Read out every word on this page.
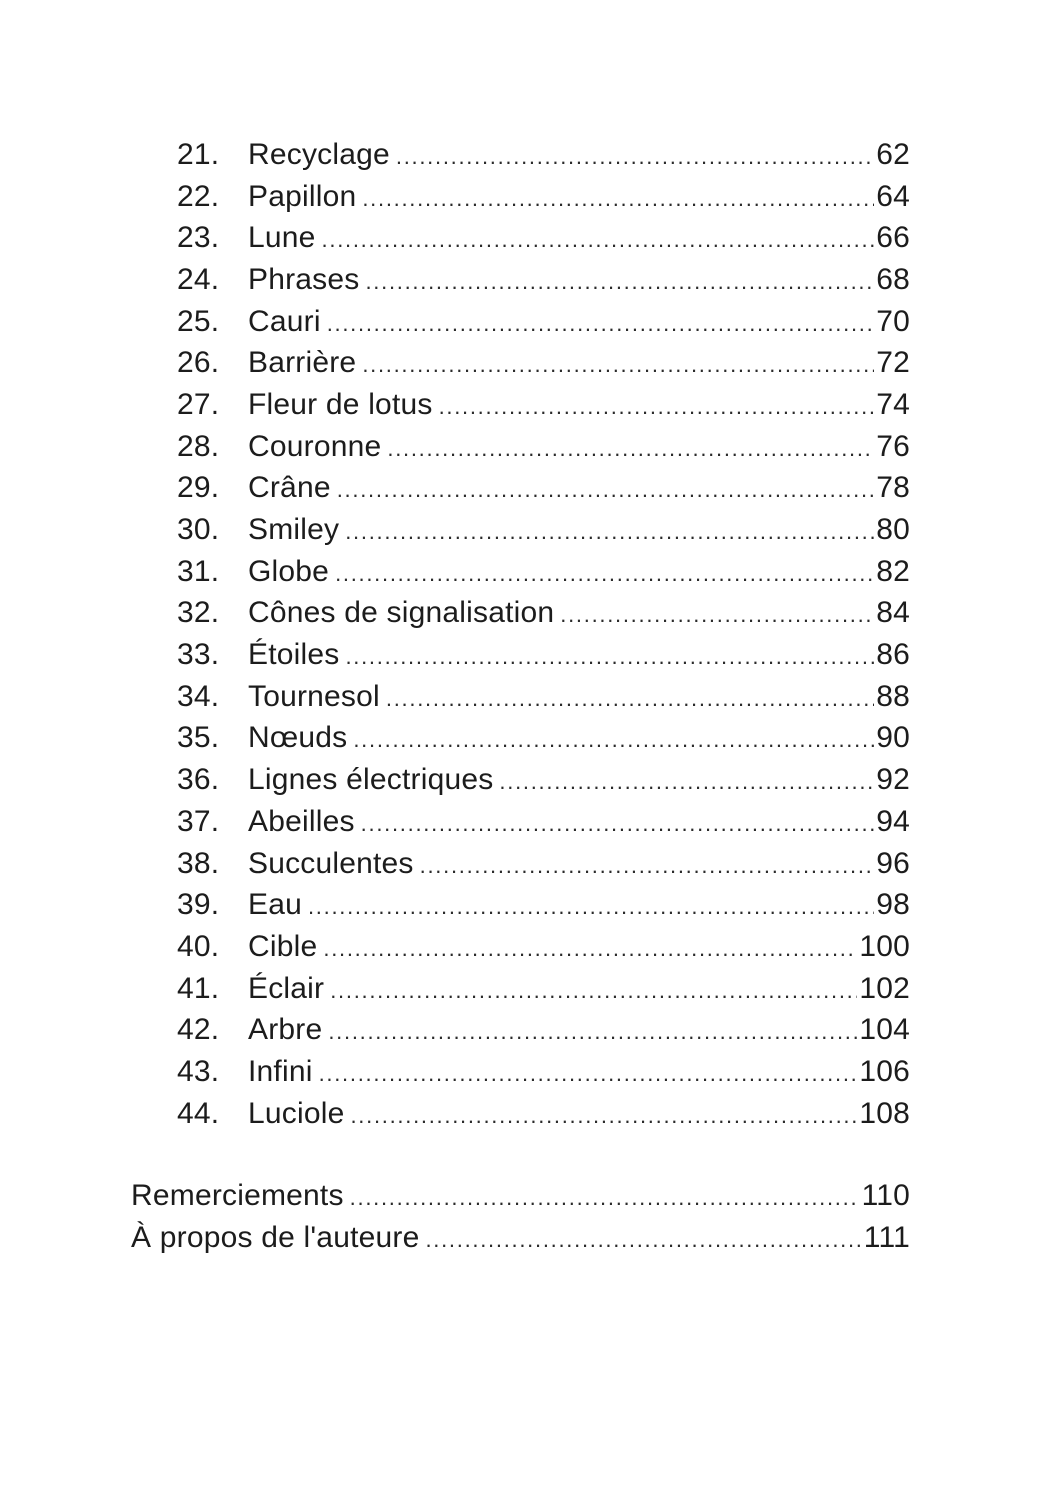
21. Recyclage . . .	62
22. Papillon . . .	64
23. Lune . . .	66
24. Phrases . . .	68
25. Cauri . . .	70
26. Barrière . . .	72
27. Fleur de lotus . . .	74
28. Couronne . . .	76
29. Crâne . . .	78
30. Smiley . . .	80
31. Globe . . .	82
32. Cônes de signalisation . . .	84
33. Étoiles . . .	86
34. Tournesol . . .	88
35. Nœuds . . .	90
36. Lignes électriques . . .	92
37. Abeilles . . .	94
38. Succulentes . . .	96
39. Eau . . .	98
40. Cible . . .	100
41. Éclair . . .	102
42. Arbre . . .	104
43. Infini . . .	106
44. Luciole . . .	108
Remerciements . . .	110
À propos de l'auteure . . .	111
